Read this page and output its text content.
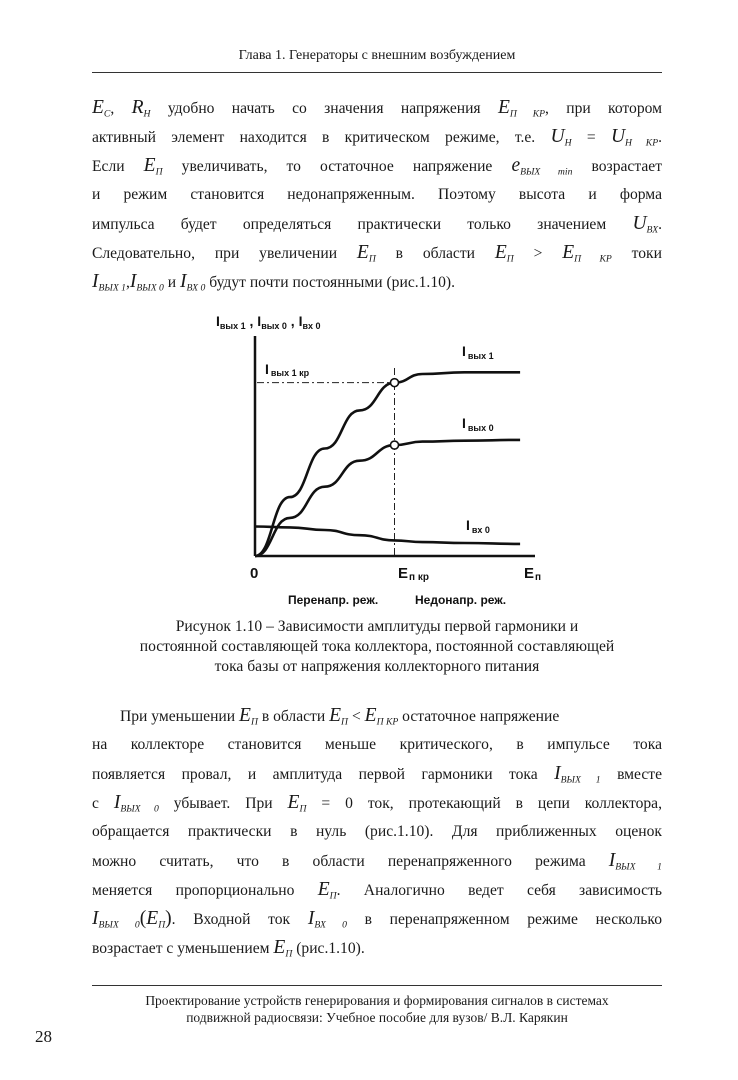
Глава 1. Генераторы с внешним возбуждением
$E_C$, $R_H$ удобно начать со значения напряжения $E_{П КР}$, при котором
активный элемент находится в критическом режиме, т.е. $U_H = U_{H КР}$.
Если $E_П$ увеличивать, то остаточное напряжение $e_{ВЫХ min}$ возрастает
и режим становится недонапряженным. Поэтому высота и форма
импульса будет определяться практически только значением $U_{ВХ}$.
Следовательно, при увеличении $E_П$ в области $E_П > E_{П КР}$ токи
$I_{ВЫХ 1},I_{ВЫХ 0}$ и $I_{ВХ 0}$ будут почти постоянными (рис.1.10).
$I_{вых 1}$ , $I_{вых 0}$ , $I_{вх 0}$
Iвых 1 кр
I $_{вых 1}$
I $_{вых 0}$
I $_{вх 0}$
0	Eп кр	Eп
Перенапр. реж.	Недонапр. реж.
Рисунок 1.10 – Зависимости амплитуды первой гармоники и
постоянной составляющей тока коллектора, постоянной составляющей
тока базы от напряжения коллекторного питания
При уменьшении $E_П$ в области $E_П < E_{П КР}$ остаточное напряжение
на коллекторе становится меньше критического, в импульсе тока
появляется провал, и амплитуда первой гармоники тока $I_{ВЫХ 1}$ вместе
с $I_{ВЫХ 0}$ убывает. При $E_П = 0$ ток, протекающий в цепи коллектора,
обращается практически в нуль (рис.1.10). Для приближенных оценок
можно считать, что в области перенапряженного режима $I_{ВЫХ 1}$
меняется пропорционально $E_П$. Аналогично ведет себя зависимость
$I_{ВЫХ 0}(E_П)$. Входной ток $I_{ВХ 0}$ в перенапряженном режиме несколько
возрастает с уменьшением $E_П$ (рис.1.10).
Проектирование устройств генерирования и формирования сигналов в системах
подвижной радиосвязи: Учебное пособие для вузов/ В.Л. Карякин
28
